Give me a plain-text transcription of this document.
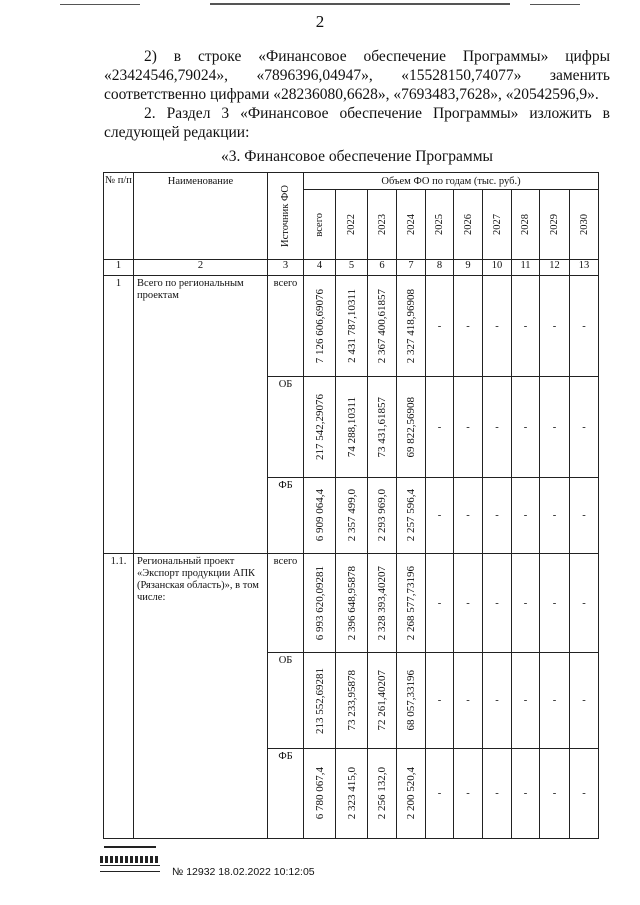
2
2) в строке «Финансовое обеспечение Программы» цифры «23424546,79024», «7896396,04947», «15528150,74077» заменить соответственно цифрами «28236080,6628», «7693483,7628», «20542596,9».
2. Раздел 3 «Финансовое обеспечение Программы» изложить в следующей редакции:
«3. Финансовое обеспечение Программы
№ п/п	Наименование	Источник ФО	Объем ФО по годам (тыс. руб.)									

			всего	2022	2023	2024	2025	2026	2027	2028	2029	2030

1	2	3	4	5	6	7	8	9	10	11	12	13
1	Всего по региональным проектам	всего	7 126 606,69076	2 431 787,10311	2 367 400,61857	2 327 418,96908	-	-	-	-	-	-
		ОБ	217 542,29076	74 288,10311	73 431,61857	69 822,56908	-	-	-	-	-	-
		ФБ	6 909 064,4	2 357 499,0	2 293 969,0	2 257 596,4	-	-	-	-	-	-
1.1.	Региональный проект «Экспорт продукции АПК (Рязанская область)», в том числе:	всего	6 993 620,09281	2 396 648,95878	2 328 393,40207	2 268 577,73196	-	-	-	-	-	-
		ОБ	213 552,69281	73 233,95878	72 261,40207	68 057,33196	-	-	-	-	-	-
		ФБ	6 780 067,4	2 323 415,0	2 256 132,0	2 200 520,4	-	-	-	-	-	-
№ 12932 18.02.2022 10:12:05
